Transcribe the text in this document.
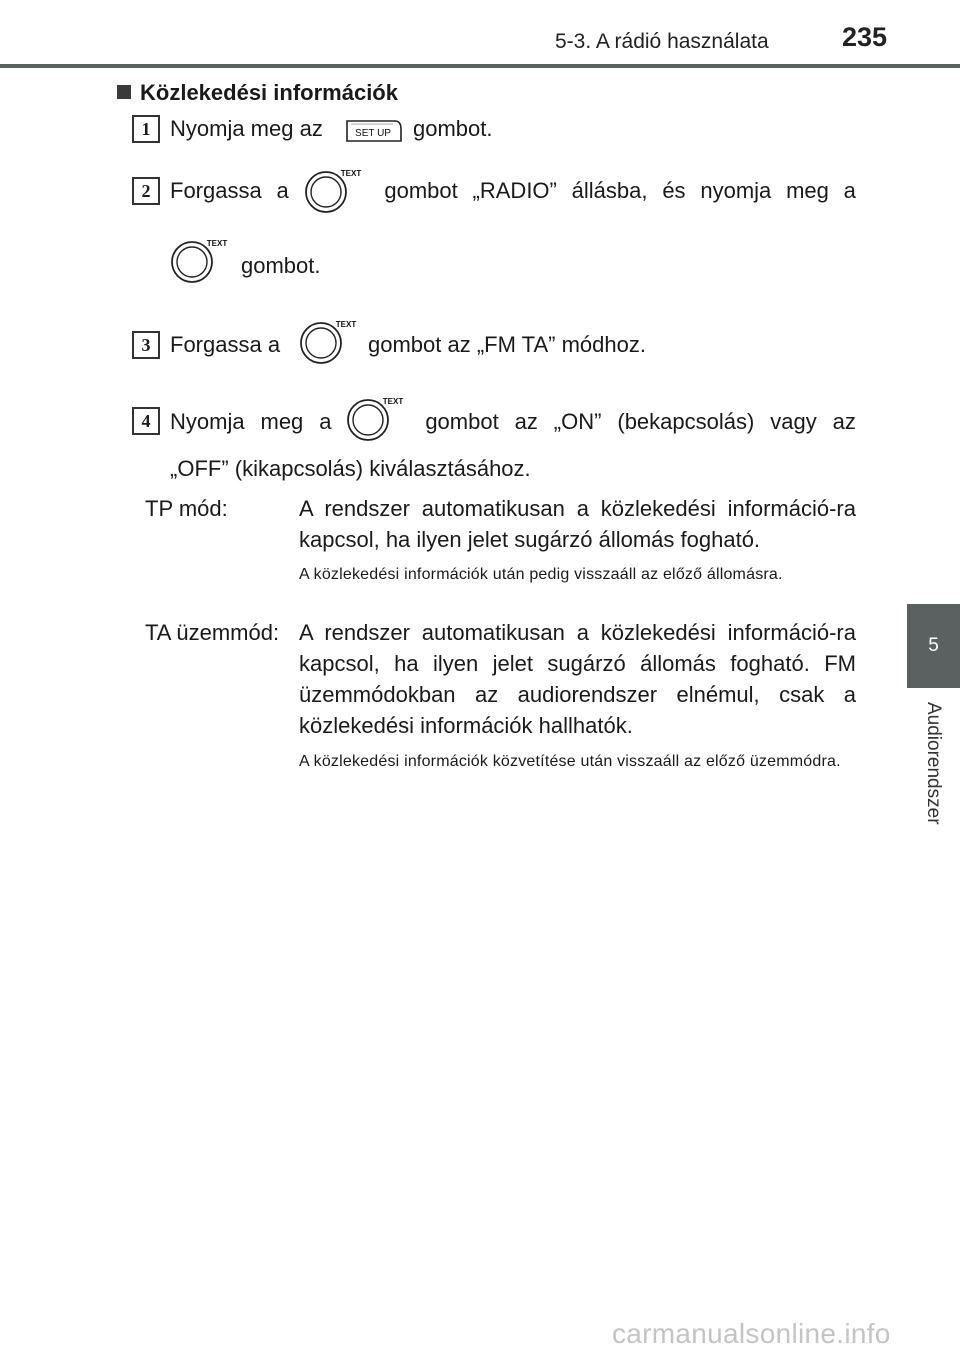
5-3. A rádió használata	235
5
Audiorendszer
Közlekedési információk
1 Nyomja meg az	SET UP gombot.
2 Forgassa a	gombot „RADIO” állásba, és nyomja meg a
TEXT
TEXT
gombot.
3 Forgassa a
TEXT
gombot az „FM TA” módhoz.
4 Nyomja meg a	gombot az „ON” (bekapcsolás) vagy az
TEXT
„OFF” (kikapcsolás) kiválasztásához.
TP mód:	A rendszer automatikusan a közlekedési információ-ra kapcsol, ha ilyen jelet sugárzó állomás fogható.
A közlekedési információk után pedig visszaáll az előző állomásra.
TA üzemmód: A rendszer automatikusan a közlekedési információ-ra kapcsol, ha ilyen jelet sugárzó állomás fogható. FM üzemmódokban az audiorendszer elnémul, csak a közlekedési információk hallhatók.
A közlekedési információk közvetítése után visszaáll az előző üzemmódra.
carmanualsonline.info
